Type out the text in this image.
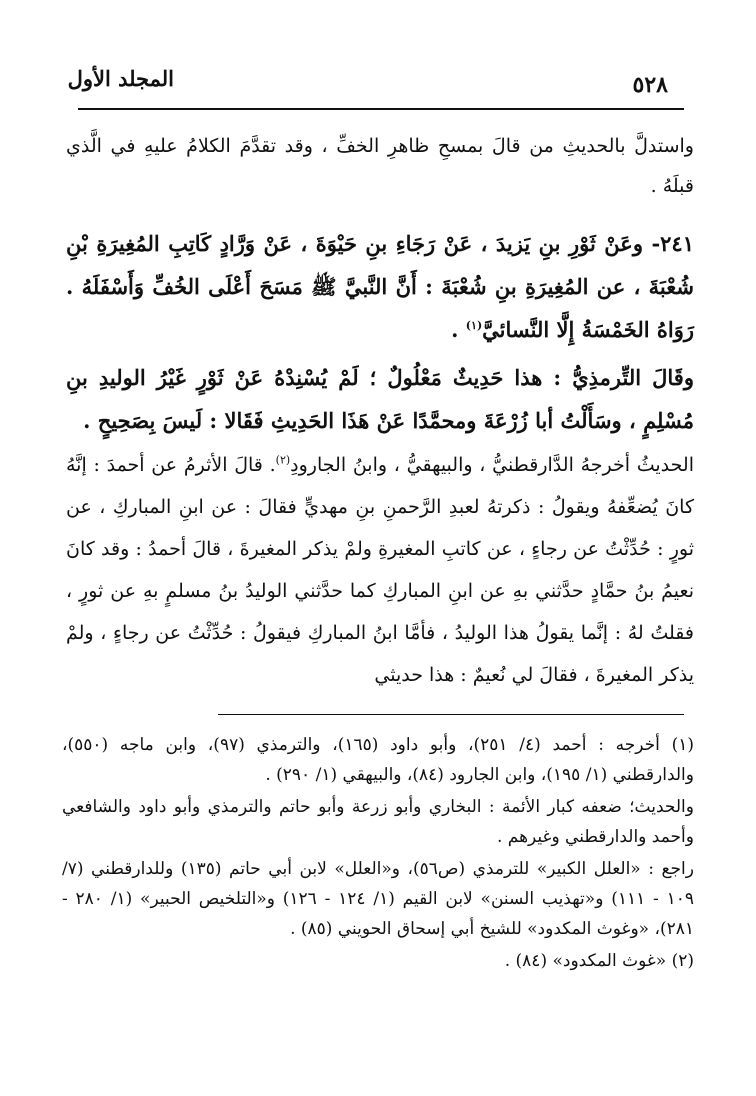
المجلد الأول	٥٢٨

واستدلَّ بالحديثِ من قالَ بمسحِ ظاهرِ الخفِّ ، وقد تقدَّمَ الكلامُ عليهِ في الَّذي قبلَهُ .

٢٤١- وعَنْ ثَوْرِ بنِ يَزيدَ ، عَنْ رَجَاءِ بنِ حَيْوَةَ ، عَنْ وَرَّادٍ كَاتِبِ المُغِيرَةِ بْنِ شُعْبَةَ ، عن المُغِيرَةِ بنِ شُعْبَةَ : أَنَّ النَّبيَّ ﷺ مَسَحَ أَعْلَى الخُفِّ وَأَسْفَلَهُ . رَوَاهُ الخَمْسَةُ إِلَّا النَّسائيَّ$^{(١)}$ .

وقَالَ التِّرمذِيُّ : هذا حَدِيثٌ مَعْلُولٌ ؛ لَمْ يُسْنِدْهُ عَنْ ثَوْرٍ غَيْرُ الوليدِ بنِ مُسْلِمٍ ، وسَأَلْتُ أبا زُرْعَةَ ومحمَّدًا عَنْ هَذَا الحَدِيثِ فَقَالا : لَيسَ بِصَحِيحٍ .

الحديثُ أخرجهُ الدَّارقطنيُّ ، والبيهقيُّ ، وابنُ الجارودِ$^{(٢)}$. قالَ الأثرمُ عن أحمدَ : إنَّهُ كانَ يُضعِّفهُ ويقولُ : ذكرتهُ لعبدِ الرَّحمنِ بنِ مهديٍّ فقالَ : عن ابنِ المباركِ ، عن ثورٍ : حُدِّثْتُ عن رجاءٍ ، عن كاتبِ المغيرةِ ولمْ يذكر المغيرةَ ، قالَ أحمدُ : وقد كانَ نعيمُ بنُ حمَّادٍ حدَّثني بهِ عن ابنِ المباركِ كما حدَّثني الوليدُ بنُ مسلمٍ بهِ عن ثورٍ ، فقلتُ لهُ : إنَّما يقولُ هذا الوليدُ ، فأمَّا ابنُ المباركِ فيقولُ : حُدِّثْتُ عن رجاءٍ ، ولمْ يذكر المغيرةَ ، فقالَ لي نُعيمٌ : هذا حديثي

(١) أخرجه : أحمد (٤/ ٢٥١)، وأبو داود (١٦٥)، والترمذي (٩٧)، وابن ماجه (٥٥٠)، والدارقطني (١/ ١٩٥)، وابن الجارود (٨٤)، والبيهقي (١/ ٢٩٠) .

والحديث؛ ضعفه كبار الأئمة : البخاري وأبو زرعة وأبو حاتم والترمذي وأبو داود والشافعي وأحمد والدارقطني وغيرهم .

راجع : «العلل الكبير» للترمذي (ص٥٦)، و«العلل» لابن أبي حاتم (١٣٥) وللدارقطني (٧/ ١٠٩ - ١١١) و«تهذيب السنن» لابن القيم (١/ ١٢٤ - ١٢٦) و«التلخيص الحبير» (١/ ٢٨٠ - ٢٨١)، «وغوث المكدود» للشيخ أبي إسحاق الحويني (٨٥) .

(٢) «غوث المكدود» (٨٤) .
